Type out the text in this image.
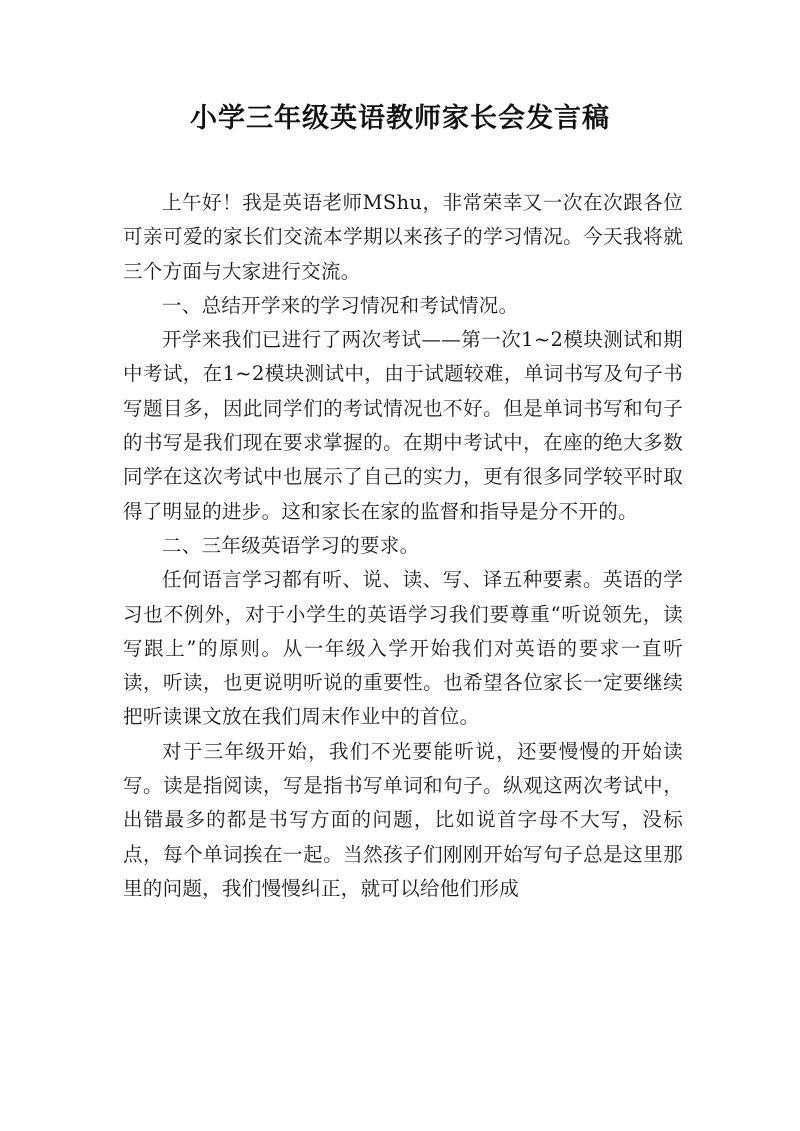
小学三年级英语教师家长会发言稿

上午好！我是英语老师MShu，非常荣幸又一次在次跟各位可亲可爱的家长们交流本学期以来孩子的学习情况。今天我将就三个方面与大家进行交流。

一、总结开学来的学习情况和考试情况。

开学来我们已进行了两次考试——第一次1~2模块测试和期中考试，在1~2模块测试中，由于试题较难，单词书写及句子书写题目多，因此同学们的考试情况也不好。但是单词书写和句子的书写是我们现在要求掌握的。在期中考试中，在座的绝大多数同学在这次考试中也展示了自己的实力，更有很多同学较平时取得了明显的进步。这和家长在家的监督和指导是分不开的。

二、三年级英语学习的要求。

任何语言学习都有听、说、读、写、译五种要素。英语的学习也不例外，对于小学生的英语学习我们要尊重“听说领先，读写跟上”的原则。从一年级入学开始我们对英语的要求一直听读，听读，也更说明听说的重要性。也希望各位家长一定要继续把听读课文放在我们周末作业中的首位。

对于三年级开始，我们不光要能听说，还要慢慢的开始读写。读是指阅读，写是指书写单词和句子。纵观这两次考试中，出错最多的都是书写方面的问题，比如说首字母不大写，没标点，每个单词挨在一起。当然孩子们刚刚开始写句子总是这里那里的问题，我们慢慢纠正，就可以给他们形成
